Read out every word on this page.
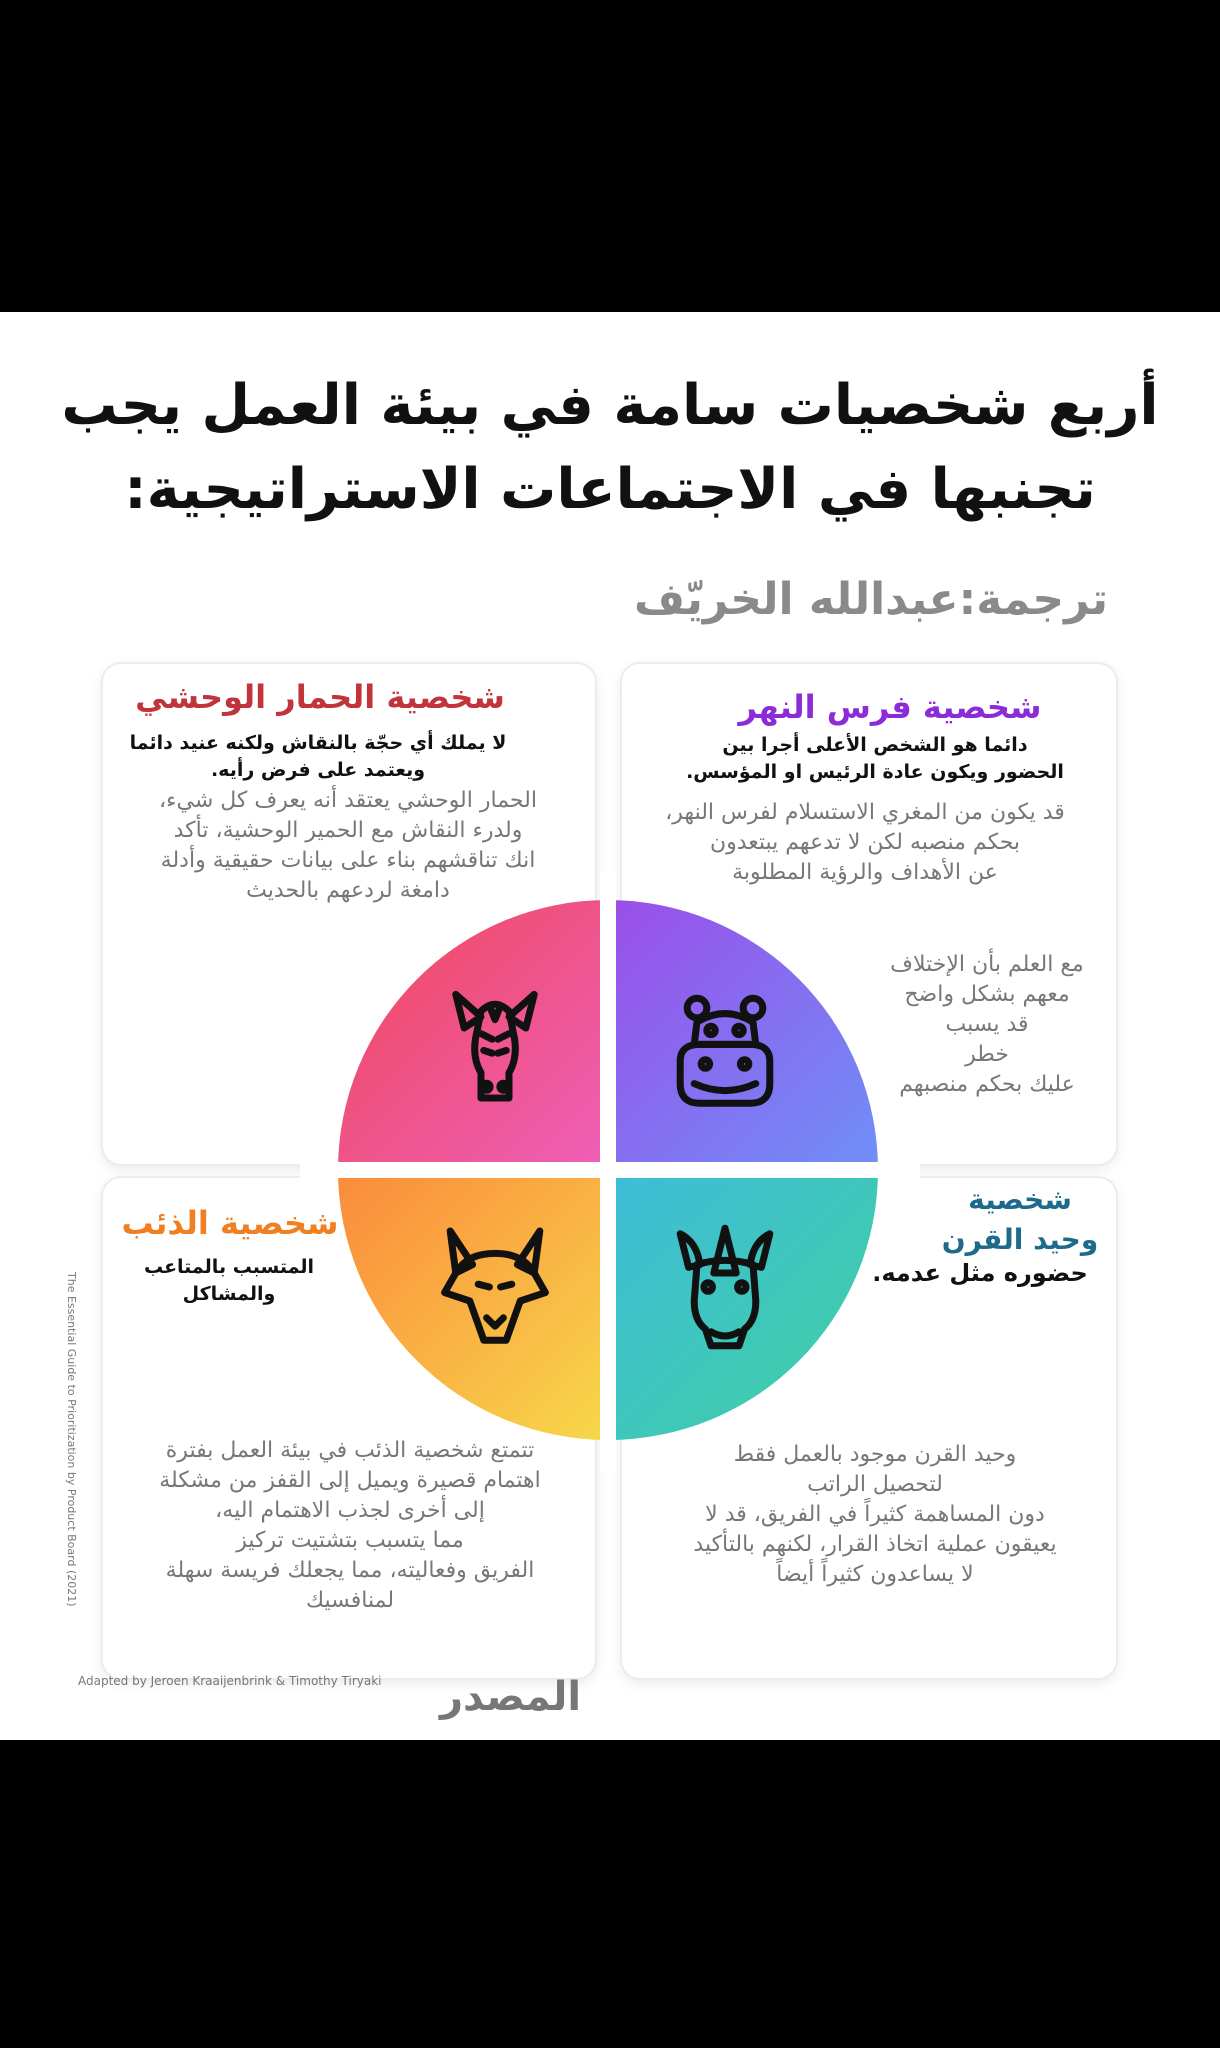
أربع شخصيات سامة في بيئة العمل يجب
تجنبها في الاجتماعات الاستراتيجية:
ترجمة:عبدالله الخريّف
شخصية الحمار الوحشي
لا يملك أي حجّة بالنقاش ولكنه عنيد دائما
ويعتمد على فرض رأيه.
الحمار الوحشي يعتقد أنه يعرف كل شيء،
ولدرء النقاش مع الحمير الوحشية، تأكد
انك تناقشهم بناء على بيانات حقيقية وأدلة
دامغة لردعهم بالحديث
شخصية فرس النهر
دائما هو الشخص الأعلى أجرا بين
الحضور ويكون عادة الرئيس او المؤسس.
قد يكون من المغري الاستسلام لفرس النهر،
بحكم منصبه لكن لا تدعهم يبتعدون
عن الأهداف والرؤية المطلوبة
مع العلم بأن الإختلاف
معهم بشكل واضح
قد يسبب
خطر
عليك بحكم منصبهم
شخصية الذئب
المتسبب بالمتاعب والمشاكل
تتمتع شخصية الذئب في بيئة العمل بفترة
اهتمام قصيرة ويميل إلى القفز من مشكلة
إلى أخرى لجذب الاهتمام اليه،
مما يتسبب بتشتيت تركيز
الفريق وفعاليته، مما يجعلك فريسة سهلة
لمنافسيك
شخصية
وحيد القرن
حضوره مثل عدمه.
وحيد القرن موجود بالعمل فقط
لتحصيل الراتب
دون المساهمة كثيراً في الفريق، قد لا
يعيقون عملية اتخاذ القرار، لكنهم بالتأكيد
لا يساعدون كثيراً أيضاً
The Essential Guide to Prioritization by Product Board (2021)
Adapted by Jeroen Kraaijenbrink & Timothy Tiryaki المصدر
